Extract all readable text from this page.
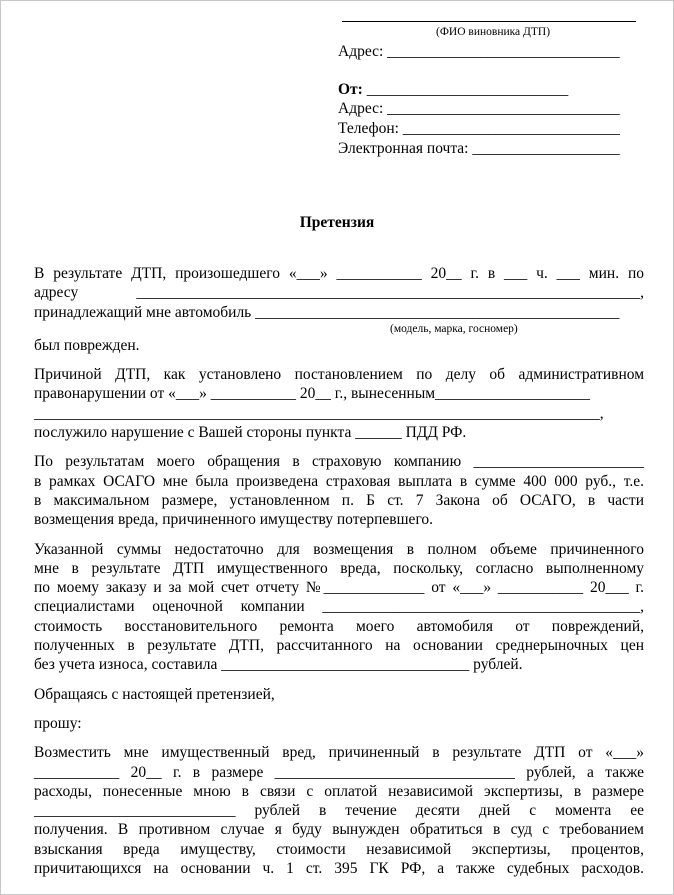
(ФИО виновника ДТП)
Адрес: ______________________________
От: __________________________
Адрес: ______________________________
Телефон: ____________________________
Электронная почта: ___________________
Претензия
В результате ДТП, произошедшего «___» ___________ 20__ г. в ___ ч. ___ мин. по
адресу _________________________________________________________________,
принадлежащий мне автомобиль _______________________________________________
(модель, марка, госномер)
был поврежден.
Причиной ДТП, как установлено постановлением по делу об административном
правонарушении от «___» ___________ 20__ г., вынесенным____________________
_________________________________________________________________________,
послужило нарушение с Вашей стороны пункта ______ ПДД РФ.
По результатам моего обращения в страховую компанию ______________________
в рамках ОСАГО мне была произведена страховая выплата в сумме 400 000 руб., т.е.
в максимальном размере, установленном п. Б ст. 7 Закона об ОСАГО, в части
возмещения вреда, причиненного имуществу потерпевшего.
Указанной суммы недостаточно для возмещения в полном объеме причиненного
мне в результате ДТП имущественного вреда, поскольку, согласно выполненному
по моему заказу и за мой счет отчету №_____________ от «___» ___________ 20___ г.
специалистами оценочной компании _________________________________________,
стоимость восстановительного ремонта моего автомобиля от повреждений,
полученных в результате ДТП, рассчитанного на основании среднерыночных цен
без учета износа, составила ________________________________ рублей.
Обращаясь с настоящей претензией,
прошу:
Возместить мне имущественный вред, причиненный в результате ДТП от «___»
___________ 20__ г. в размере _______________________________ рублей, а также
расходы, понесенные мною в связи с оплатой независимой экспертизы, в размере
__________________________ рублей в течение десяти дней с момента ее
получения. В противном случае я буду вынужден обратиться в суд с требованием
взыскания вреда имуществу, стоимости независимой экспертизы, процентов,
причитающихся на основании ч. 1 ст. 395 ГК РФ, а также судебных расходов.
